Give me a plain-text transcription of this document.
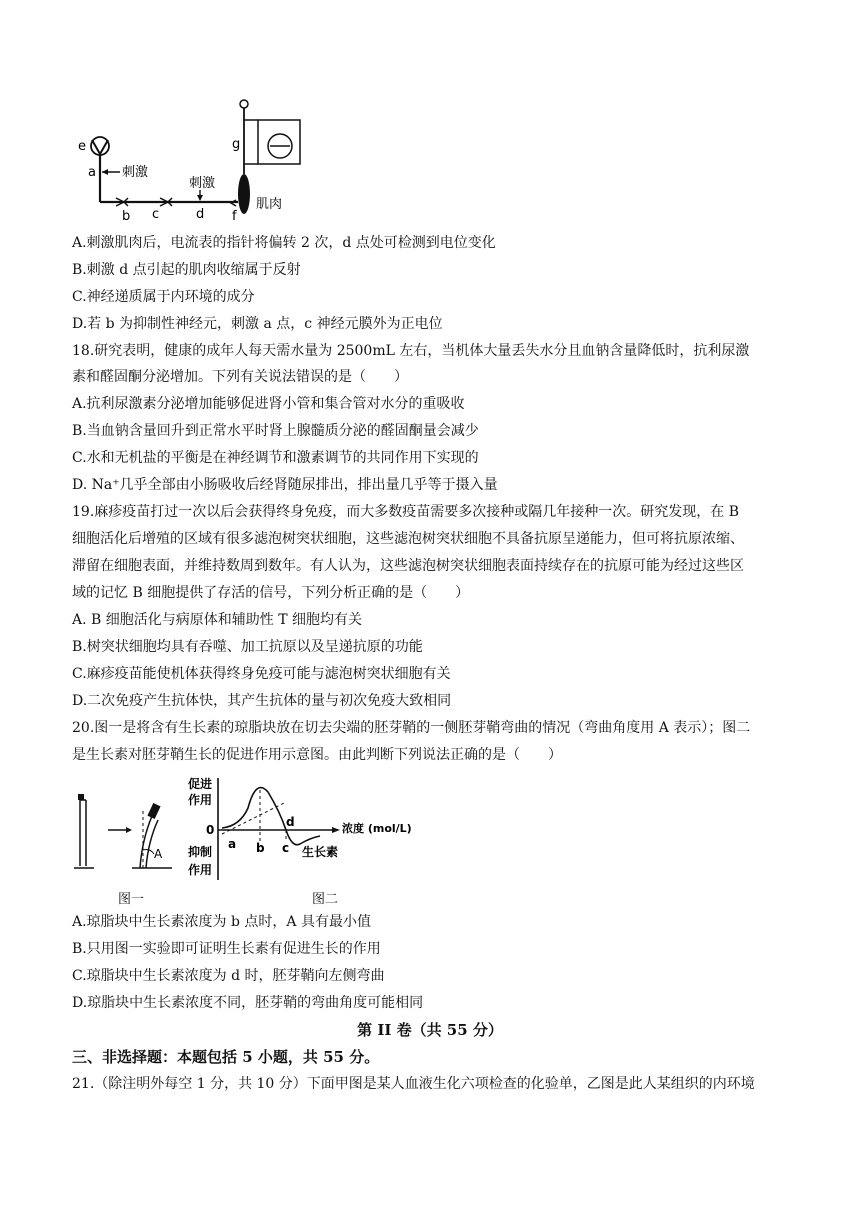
e
a 刺激
b c
刺激
d f
肌肉
g
A.刺激肌肉后，电流表的指针将偏转 2 次，d 点处可检测到电位变化
B.刺激 d 点引起的肌肉收缩属于反射
C.神经递质属于内环境的成分
D.若 b 为抑制性神经元，刺激 a 点，c 神经元膜外为正电位
18.研究表明，健康的成年人每天需水量为 2500mL 左右，当机体大量丢失水分且血钠含量降低时，抗利尿激
素和醛固酮分泌增加。下列有关说法错误的是（　　）
A.抗利尿激素分泌增加能够促进肾小管和集合管对水分的重吸收
B.当血钠含量回升到正常水平时肾上腺髓质分泌的醛固酮量会减少
C.水和无机盐的平衡是在神经调节和激素调节的共同作用下实现的
D. Na⁺几乎全部由小肠吸收后经肾随尿排出，排出量几乎等于摄入量
19.麻疹疫苗打过一次以后会获得终身免疫，而大多数疫苗需要多次接种或隔几年接种一次。研究发现，在 B
细胞活化后增殖的区域有很多滤泡树突状细胞，这些滤泡树突状细胞不具备抗原呈递能力，但可将抗原浓缩、
滞留在细胞表面，并维持数周到数年。有人认为，这些滤泡树突状细胞表面持续存在的抗原可能为经过这些区
域的记忆 B 细胞提供了存活的信号，下列分析正确的是（　　）
A. B 细胞活化与病原体和辅助性 T 细胞均有关
B.树突状细胞均具有吞噬、加工抗原以及呈递抗原的功能
C.麻疹疫苗能使机体获得终身免疫可能与滤泡树突状细胞有关
D.二次免疫产生抗体快，其产生抗体的量与初次免疫大致相同
20.图一是将含有生长素的琼脂块放在切去尖端的胚芽鞘的一侧胚芽鞘弯曲的情况（弯曲角度用 A 表示）；图二
是生长素对胚芽鞘生长的促进作用示意图。由此判断下列说法正确的是（　　）
A
图一
促进
作用
0
抑制
作用
a b c
d
生长素
浓度 (mol/L)
图二
A.琼脂块中生长素浓度为 b 点时，A 具有最小值
B.只用图一实验即可证明生长素有促进生长的作用
C.琼脂块中生长素浓度为 d 时，胚芽鞘向左侧弯曲
D.琼脂块中生长素浓度不同，胚芽鞘的弯曲角度可能相同
第 II 卷（共 55 分）
三、非选择题：本题包括 5 小题，共 55 分。
21.（除注明外每空 1 分，共 10 分）下面甲图是某人血液生化六项检查的化验单，乙图是此人某组织的内环境
